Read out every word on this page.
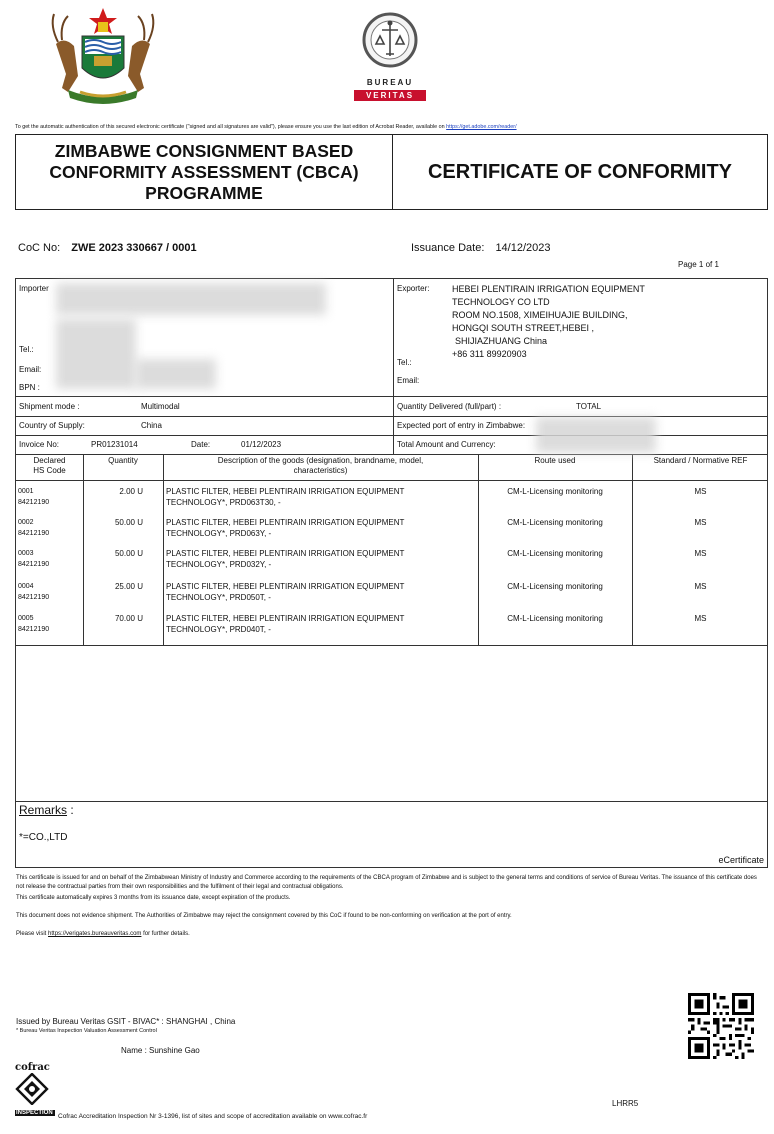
BUREAU
VERITAS
To get the automatic authentication of this secured electronic certificate ("signed and all signatures are valid"), please ensure you use the last edition of Acrobat Reader, available on https://get.adobe.com/reader/
ZIMBABWE CONSIGNMENT BASED
CONFORMITY ASSESSMENT (CBCA)
PROGRAMME
CERTIFICATE OF CONFORMITY
CoC No: ZWE 2023 330667 / 0001	Issuance Date: 14/12/2023
Page 1 of 1
Importer
Tel.:
Email:
BPN :
Exporter:	HEBEI PLENTIRAIN IRRIGATION EQUIPMENT
TECHNOLOGY CO LTD
ROOM NO.1508, XIMEIHUAJIE BUILDING,
HONGQI SOUTH STREET,HEBEI ,
SHIJIAZHUANG China
+86 311 89920903
Tel.:
Email:
Shipment mode :	Multimodal	Quantity Delivered (full/part) :	TOTAL
Country of Supply:	China	Expected port of entry in Zimbabwe:
Invoice No:	PR01231014	Date:	01/12/2023	Total Amount and Currency:
Declared
HS Code
Quantity	Description of the goods (designation, brandname, model,
characteristics)
Route used	Standard / Normative REF
0001
84212190
2.00 U	PLASTIC FILTER, HEBEI PLENTIRAIN IRRIGATION EQUIPMENT
TECHNOLOGY*, PRD063T30, -
CM-L-Licensing monitoring	MS
0002
84212190
50.00 U	PLASTIC FILTER, HEBEI PLENTIRAIN IRRIGATION EQUIPMENT
TECHNOLOGY*, PRD063Y, -
CM-L-Licensing monitoring	MS
0003
84212190
50.00 U	PLASTIC FILTER, HEBEI PLENTIRAIN IRRIGATION EQUIPMENT
TECHNOLOGY*, PRD032Y, -
CM-L-Licensing monitoring	MS
0004
84212190
25.00 U	PLASTIC FILTER, HEBEI PLENTIRAIN IRRIGATION EQUIPMENT
TECHNOLOGY*, PRD050T, -
CM-L-Licensing monitoring	MS
0005
84212190
70.00 U	PLASTIC FILTER, HEBEI PLENTIRAIN IRRIGATION EQUIPMENT
TECHNOLOGY*, PRD040T, -
CM-L-Licensing monitoring	MS
Remarks :
*=CO.,LTD
eCertificate
This certificate is issued for and on behalf of the Zimbabwean Ministry of Industry and Commerce according to the requirements of the CBCA program of Zimbabwe and is subject to the general terms and conditions of service of Bureau Veritas. The issuance of this certificate does not release the contractual parties from their own responsibilities and the fulfilment of their legal and contractual obligations.
This certificate automatically expires 3 months from its issuance date, except expiration of the products.
This document does not evidence shipment. The Authorities of Zimbabwe may reject the consignment covered by this CoC if found to be non-conforming on verification at the port of entry.
Please visit https://verigates.bureauveritas.com for further details.
Issued by Bureau Veritas GSIT - BIVAC* : SHANGHAI , China
* Bureau Veritas Inspection Valuation Assessment Control
Name : Sunshine Gao
cofrac
INSPECTION Cofrac Accreditation Inspection Nr 3-1396, list of sites and scope of accreditation available on www.cofrac.fr
LHRR5
